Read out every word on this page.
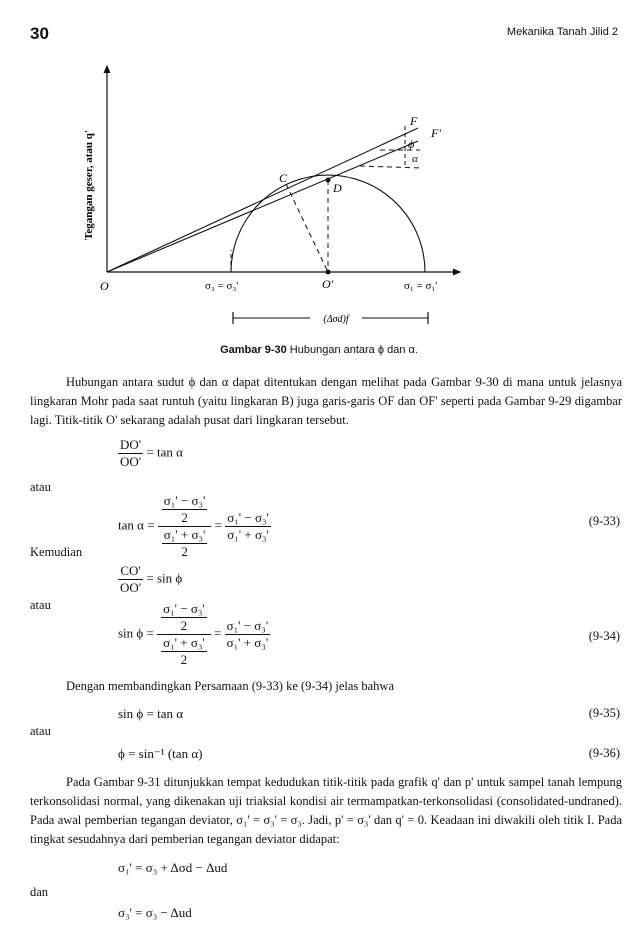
30	Mekanika Tanah Jilid 2
Tegangan geser, atau q'
O
C
D
F
F'
ϕ
α
σ₃ = σ₃'	O'	σ₁ = σ₁'
(Δσd)f
Gambar 9-30 Hubungan antara ϕ dan α.
Hubungan antara sudut ϕ dan α dapat ditentukan dengan melihat pada Gambar 9-30 di mana untuk jelasnya lingkaran Mohr pada saat runtuh (yaitu lingkaran B) juga garis-garis OF dan OF' seperti pada Gambar 9-29 digambar lagi. Titik-titik O' sekarang adalah pusat dari lingkaran tersebut.
$\frac{DO'}{OO'} = \tan \alpha$
atau
$\tan \alpha = \frac{\frac{\text{σ₁' − σ₃'}}{2}}{\frac{\text{σ₁' + σ₃'}}{2}} = \frac{\text{σ₁' − σ₃'}}{\text{σ₁' + σ₃'}}$	(9-33)
Kemudian
$\frac{CO'}{OO'} = \sin \phi$
atau
$\sin \phi = \frac{\frac{\text{σ₁' − σ₃'}}{2}}{\frac{\text{σ₁' + σ₃'}}{2}} = \frac{\text{σ₁' − σ₃'}}{\text{σ₁' + σ₃'}}$	(9-34)
Dengan membandingkan Persamaan (9-33) ke (9-34) jelas bahwa
sin ϕ = tan α	(9-35)
atau
ϕ = sin⁻¹ (tan α)	(9-36)
Pada Gambar 9-31 ditunjukkan tempat kedudukan titik-titik pada grafik q' dan p' untuk sampel tanah lempung terkonsolidasi normal, yang dikenakan uji triaksial kondisi air termampatkan-terkonsolidasi (consolidated-undraned). Pada awal pemberian tegangan deviator, σ₁' = σ₃' = σ₃. Jadi, p' = σ₃' dan q' = 0. Keadaan ini diwakili oleh titik I. Pada tingkat sesudahnya dari pemberian tegangan deviator didapat:
σ₁' = σ₃ + Δσd − Δud
dan
σ₃' = σ₃ − Δud
